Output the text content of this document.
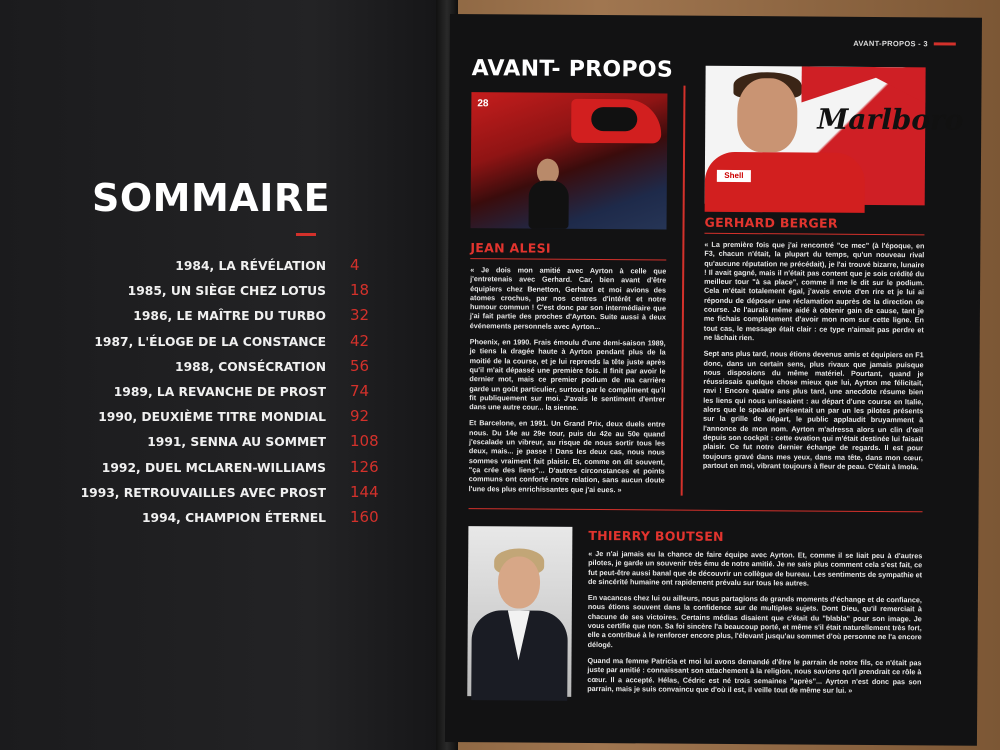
SOMMAIRE
1984, LA RÉVÉLATION	4
1985, UN SIÈGE CHEZ LOTUS	18
1986, LE MAÎTRE DU TURBO	32
1987, L'ÉLOGE DE LA CONSTANCE	42
1988, CONSÉCRATION	56
1989, LA REVANCHE DE PROST	74
1990, DEUXIÈME TITRE MONDIAL	92
1991, SENNA AU SOMMET	108
1992, DUEL MCLAREN-WILLIAMS	126
1993, RETROUVAILLES AVEC PROST	144
1994, CHAMPION ÉTERNEL	160
AVANT-PROPOS - 3
AVANT- PROPOS
28	Marlboro
Shell
JEAN ALESI

« Je dois mon amitié avec Ayrton à celle que j'entretenais avec Gerhard. Car, bien avant d'être équipiers chez Benetton, Gerhard et moi avions des atomes crochus, par nos centres d'intérêt et notre humour commun ! C'est donc par son intermédiaire que j'ai fait partie des proches d'Ayrton. Suite aussi à deux événements personnels avec Ayrton...

Phoenix, en 1990. Frais émoulu d'une demi-saison 1989, je tiens la dragée haute à Ayrton pendant plus de la moitié de la course, et je lui reprends la tête juste après qu'il m'ait dépassé une première fois. Il finit par avoir le dernier mot, mais ce premier podium de ma carrière garde un goût particulier, surtout par le compliment qu'il fit publiquement sur moi. J'avais le sentiment d'entrer dans une autre cour... la sienne.

Et Barcelone, en 1991. Un Grand Prix, deux duels entre nous. Du 14e au 29e tour, puis du 42e au 50e quand j'escalade un vibreur, au risque de nous sortir tous les deux, mais... je passe ! Dans les deux cas, nous nous sommes vraiment fait plaisir. Et, comme on dit souvent, "ça crée des liens"... D'autres circonstances et points communs ont conforté notre relation, sans aucun doute l'une des plus enrichissantes que j'ai eues. »

GERHARD BERGER

« La première fois que j'ai rencontré "ce mec" (à l'époque, en F3, chacun n'était, la plupart du temps, qu'un nouveau rival qu'aucune réputation ne précédait), je l'ai trouvé bizarre, lunaire ! Il avait gagné, mais il n'était pas content que je sois crédité du meilleur tour "à sa place", comme il me le dit sur le podium. Cela m'était totalement égal, j'avais envie d'en rire et je lui ai répondu de déposer une réclamation auprès de la direction de course. Je l'aurais même aidé à obtenir gain de cause, tant je me fichais complètement d'avoir mon nom sur cette ligne. En tout cas, le message était clair : ce type n'aimait pas perdre et ne lâchait rien.

Sept ans plus tard, nous étions devenus amis et équipiers en F1 donc, dans un certain sens, plus rivaux que jamais puisque nous disposions du même matériel. Pourtant, quand je réussissais quelque chose mieux que lui, Ayrton me félicitait, ravi ! Encore quatre ans plus tard, une anecdote résume bien les liens qui nous unissaient : au départ d'une course en Italie, alors que le speaker présentait un par un les pilotes présents sur la grille de départ, le public applaudit bruyamment à l'annonce de mon nom. Ayrton m'adressa alors un clin d'œil depuis son cockpit : cette ovation qui m'était destinée lui faisait plaisir. Ce fut notre dernier échange de regards. Il est pour toujours gravé dans mes yeux, dans ma tête, dans mon cœur, partout en moi, vibrant toujours à fleur de peau. C'était à Imola.

THIERRY BOUTSEN

« Je n'ai jamais eu la chance de faire équipe avec Ayrton. Et, comme il se liait peu à d'autres pilotes, je garde un souvenir très ému de notre amitié. Je ne sais plus comment cela s'est fait, ce fut peut-être aussi banal que de découvrir un collègue de bureau. Les sentiments de sympathie et de sincérité humaine ont rapidement prévalu sur tous les autres.

En vacances chez lui ou ailleurs, nous partagions de grands moments d'échange et de confiance, nous étions souvent dans la confidence sur de multiples sujets. Dont Dieu, qu'il remerciait à chacune de ses victoires. Certains médias disaient que c'était du "blabla" pour son image. Je vous certifie que non. Sa foi sincère l'a beaucoup porté, et même s'il était naturellement très fort, elle a contribué à le renforcer encore plus, l'élevant jusqu'au sommet d'où personne ne l'a encore délogé.

Quand ma femme Patricia et moi lui avons demandé d'être le parrain de notre fils, ce n'était pas juste par amitié : connaissant son attachement à la religion, nous savions qu'il prendrait ce rôle à cœur. Il a accepté. Hélas, Cédric est né trois semaines "après"... Ayrton n'est donc pas son parrain, mais je suis convaincu que d'où il est, il veille tout de même sur lui. »
